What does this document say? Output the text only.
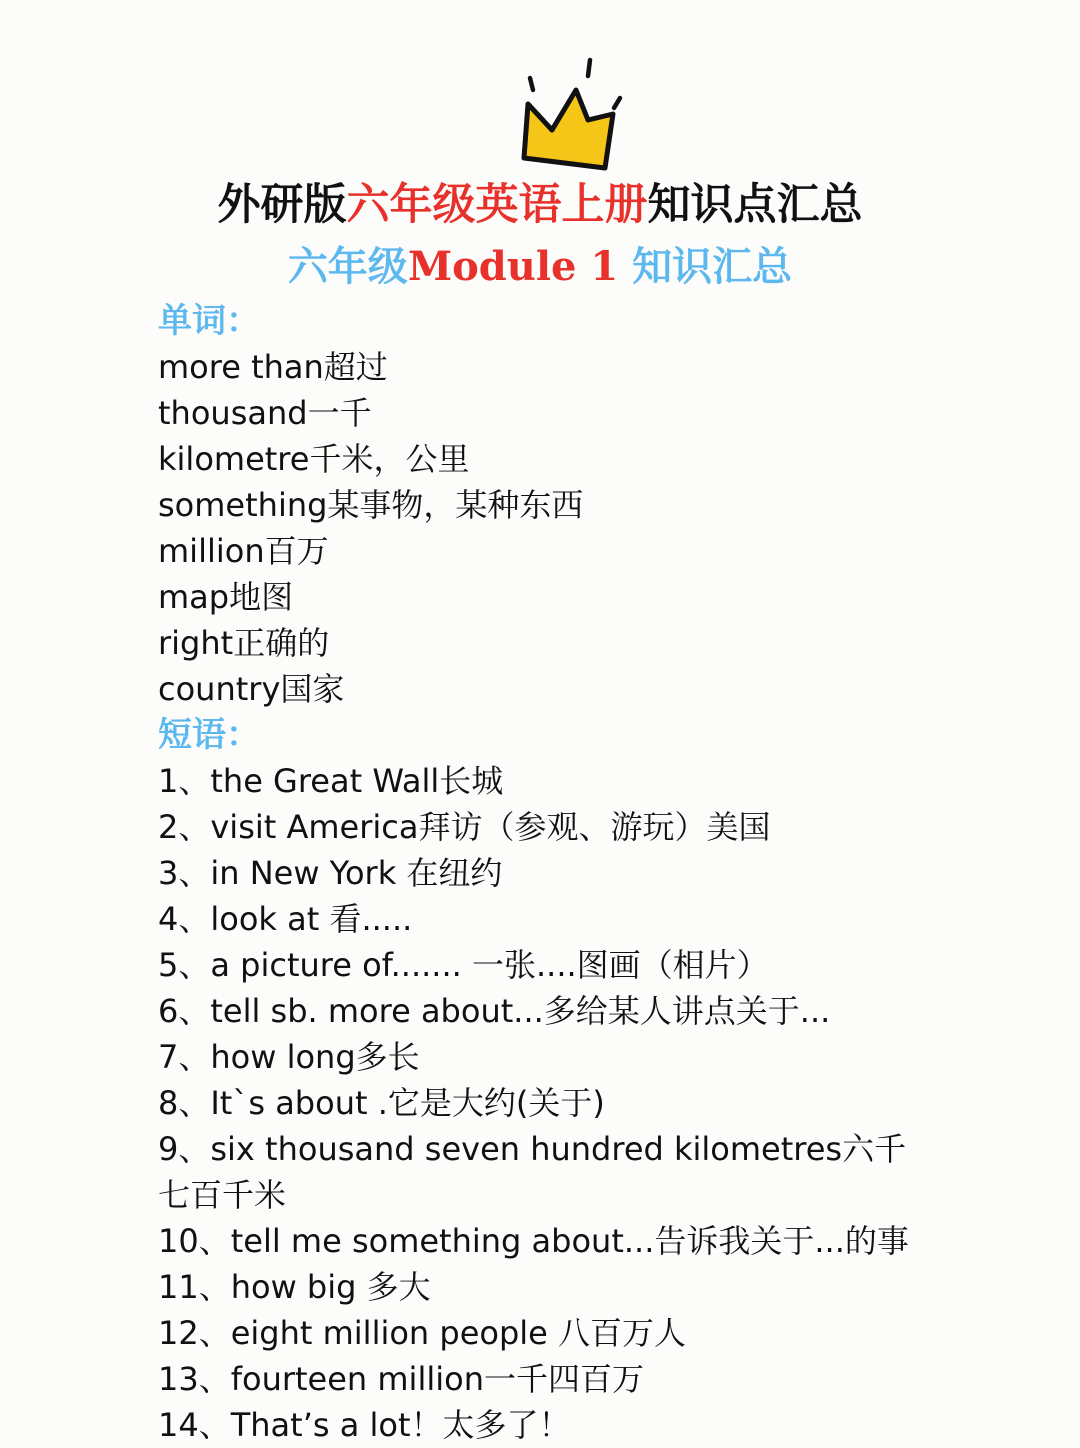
外研版六年级英语上册知识点汇总
六年级Module 1 知识汇总
单词：
more than超过
thousand一千
kilometre千米，公里
something某事物，某种东西
million百万
map地图
right正确的
country国家
短语：
1、the Great Wall长城
2、visit America拜访（参观、游玩）美国
3、in New York 在纽约
4、look at 看.....
5、a picture of....... 一张....图画（相片）
6、tell sb. more about...多给某人讲点关于...
7、how long多长
8、It`s about .它是大约(关于)
9、six thousand seven hundred kilometres六千
七百千米
10、tell me something about...告诉我关于...的事
11、how big 多大
12、eight million people 八百万人
13、fourteen million一千四百万
14、That’s a lot！太多了！
